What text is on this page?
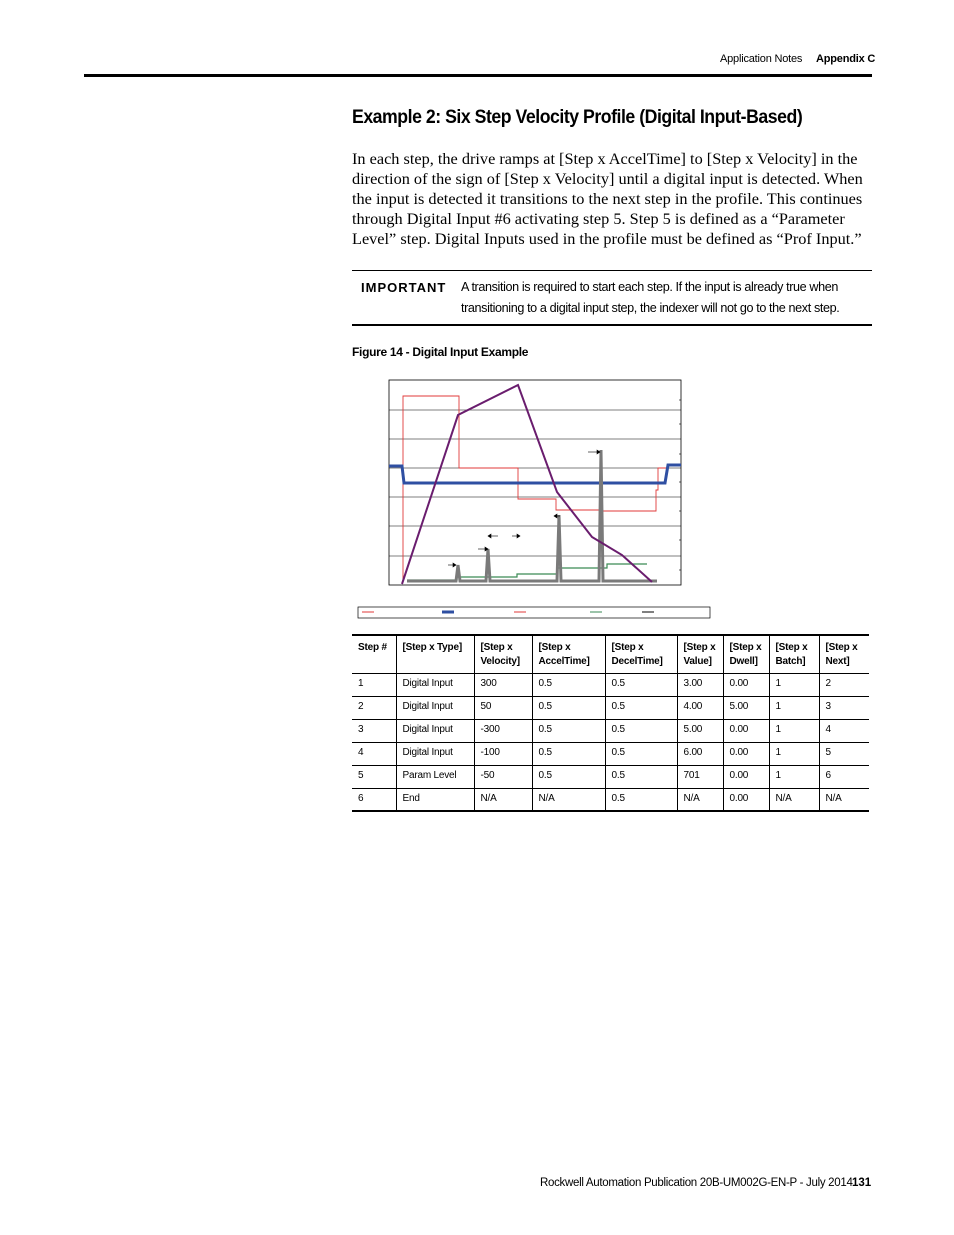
Application Notes Appendix C
Example 2: Six Step Velocity Profile (Digital Input-Based)

In each step, the drive ramps at [Step x AccelTime] to [Step x Velocity] in the direction of the sign of [Step x Velocity] until a digital input is detected. When the input is detected it transitions to the next step in the profile. This continues through Digital Input #6 activating step 5. Step 5 is defined as a “Parameter Level” step. Digital Inputs used in the profile must be defined as “Prof Input.”

IMPORTANT A transition is required to start each step. If the input is already true when transitioning to a digital input step, the indexer will not go to the next step.
Figure 14 - Digital Input Example
Step #	[Step x Type]	[Step x Velocity]	[Step x AccelTime]	[Step x DecelTime]	[Step x Value]	[Step x Dwell]	[Step x Batch]	[Step x Next]
1	Digital Input	300	0.5	0.5	3.00	0.00	1	2
2	Digital Input	50	0.5	0.5	4.00	5.00	1	3
3	Digital Input	-300	0.5	0.5	5.00	0.00	1	4
4	Digital Input	-100	0.5	0.5	6.00	0.00	1	5
5	Param Level	-50	0.5	0.5	701	0.00	1	6
6	End	N/A	N/A	0.5	N/A	0.00	N/A	N/A
Rockwell Automation Publication 20B-UM002G-EN-P - July 2014 131
